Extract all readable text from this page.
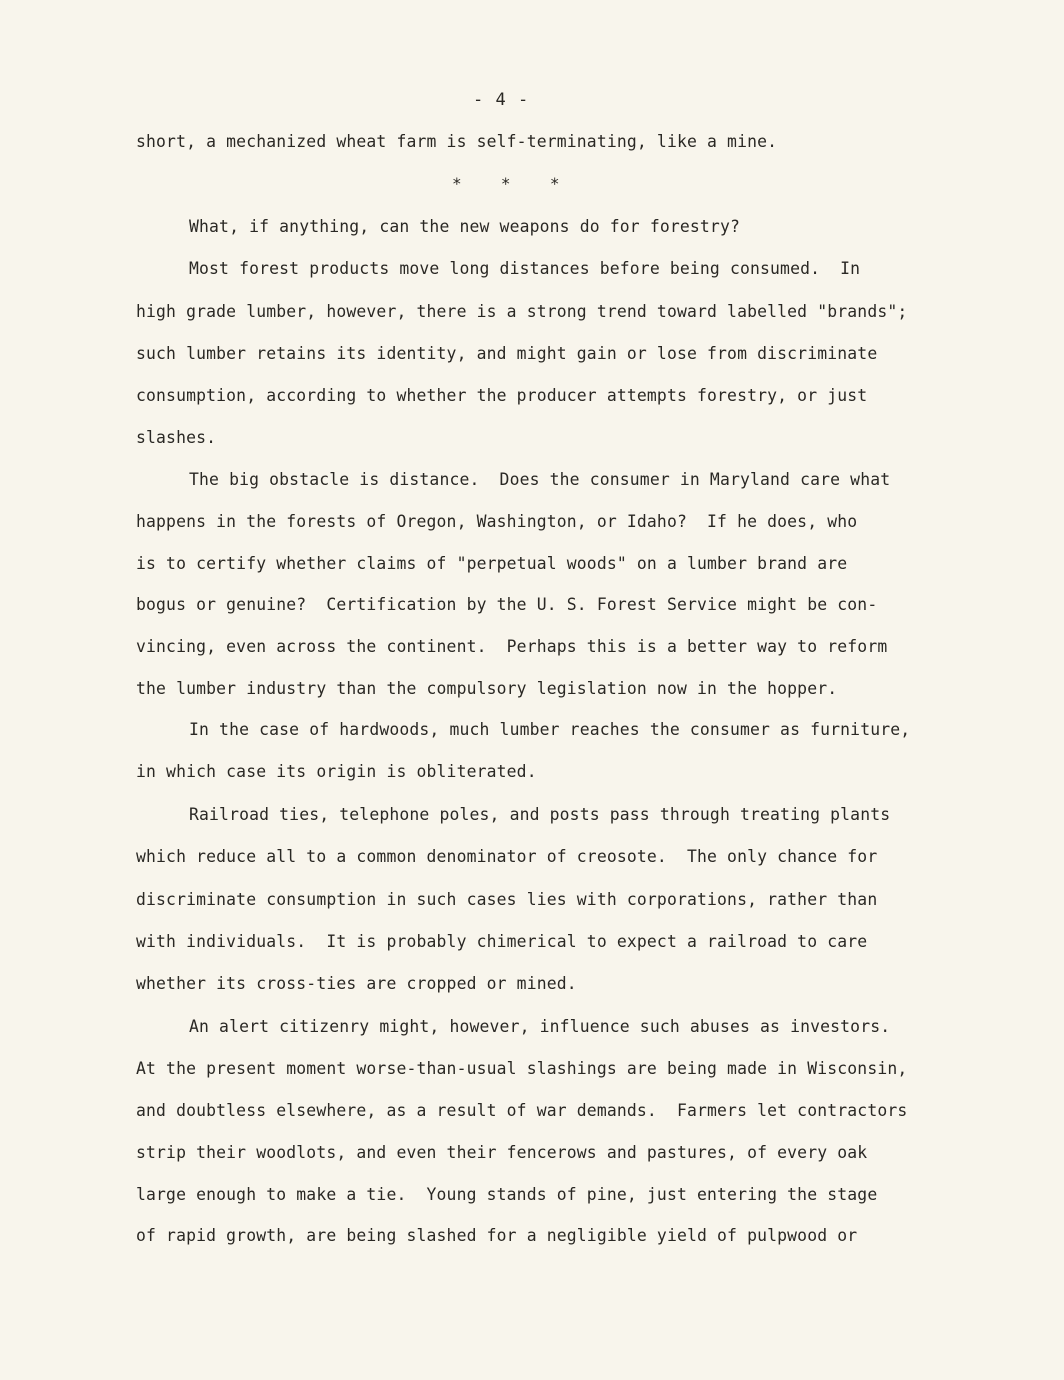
- 4 -
short, a mechanized wheat farm is self-terminating, like a mine.
*    *    *
What, if anything, can the new weapons do for forestry?
Most forest products move long distances before being consumed.  In
high grade lumber, however, there is a strong trend toward labelled "brands";
such lumber retains its identity, and might gain or lose from discriminate
consumption, according to whether the producer attempts forestry, or just
slashes.
The big obstacle is distance.  Does the consumer in Maryland care what
happens in the forests of Oregon, Washington, or Idaho?  If he does, who
is to certify whether claims of "perpetual woods" on a lumber brand are
bogus or genuine?  Certification by the U. S. Forest Service might be con-
vincing, even across the continent.  Perhaps this is a better way to reform
the lumber industry than the compulsory legislation now in the hopper.
In the case of hardwoods, much lumber reaches the consumer as furniture,
in which case its origin is obliterated.
Railroad ties, telephone poles, and posts pass through treating plants
which reduce all to a common denominator of creosote.  The only chance for
discriminate consumption in such cases lies with corporations, rather than
with individuals.  It is probably chimerical to expect a railroad to care
whether its cross-ties are cropped or mined.
An alert citizenry might, however, influence such abuses as investors.
At the present moment worse-than-usual slashings are being made in Wisconsin,
and doubtless elsewhere, as a result of war demands.  Farmers let contractors
strip their woodlots, and even their fencerows and pastures, of every oak
large enough to make a tie.  Young stands of pine, just entering the stage
of rapid growth, are being slashed for a negligible yield of pulpwood or
